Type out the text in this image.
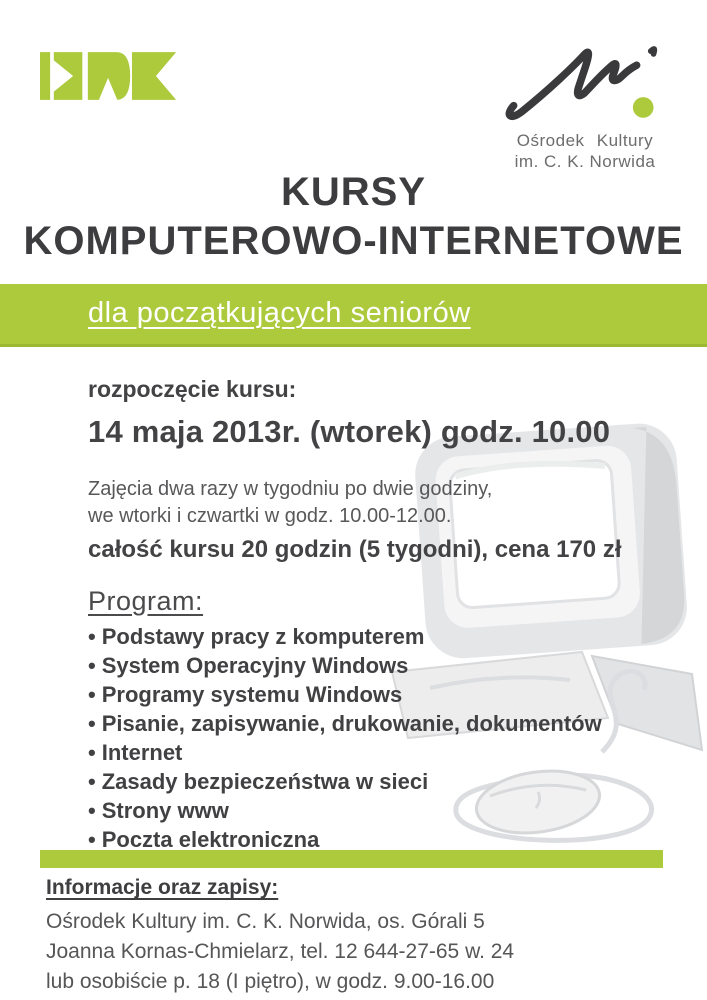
Ośrodek Kultury
im. C. K. Norwida
KURSY
KOMPUTEROWO-INTERNETOWE
dla początkujących seniorów
rozpoczęcie kursu:
14 maja 2013r. (wtorek) godz. 10.00
Zajęcia dwa razy w tygodniu po dwie godziny,
we wtorki i czwartki w godz. 10.00-12.00.
całość kursu 20 godzin (5 tygodni), cena 170 zł
Program:
• Podstawy pracy z komputerem
• System Operacyjny Windows
• Programy systemu Windows
• Pisanie, zapisywanie, drukowanie, dokumentów
• Internet
• Zasady bezpieczeństwa w sieci
• Strony www
• Poczta elektroniczna
Informacje oraz zapisy:
Ośrodek Kultury im. C. K. Norwida, os. Górali 5
Joanna Kornas-Chmielarz, tel. 12 644-27-65 w. 24
lub osobiście p. 18 (I piętro), w godz. 9.00-16.00
